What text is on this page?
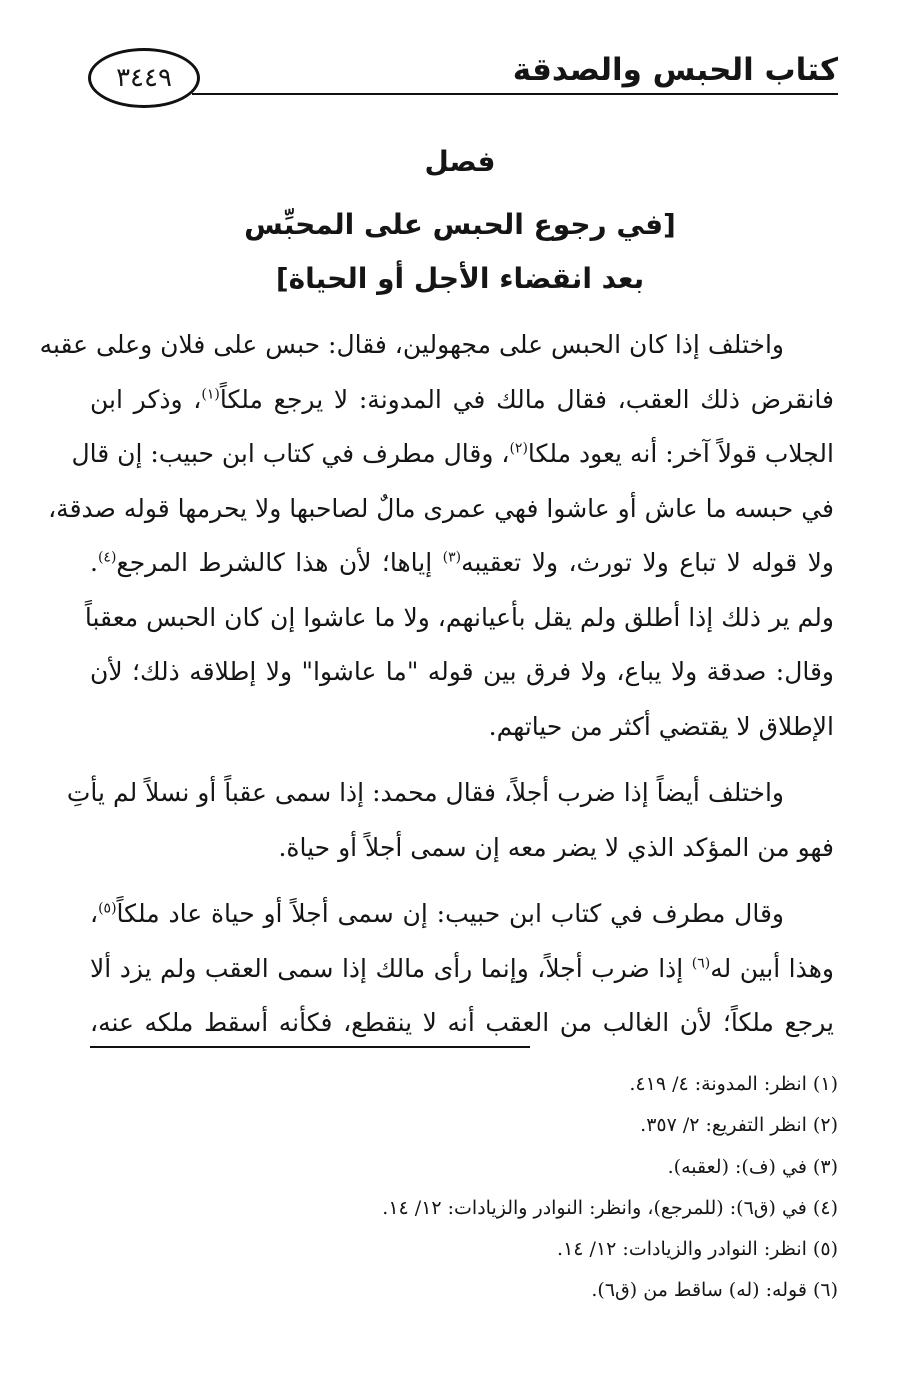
كتاب الحبس والصدقة
٣٤٤٩
فصل
[في رجوع الحبس على المحبِّس
بعد انقضاء الأجل أو الحياة]
واختلف إذا كان الحبس على مجهولين، فقال: حبس على فلان وعلى عقبه
فانقرض ذلك العقب، فقال مالك في المدونة: لا يرجع ملكاً$^{(١)}$، وذكر ابن
الجلاب قولاً آخر: أنه يعود ملكا$^{(٢)}$، وقال مطرف في كتاب ابن حبيب: إن قال
في حبسه ما عاش أو عاشوا فهي عمرى مالٌ لصاحبها ولا يحرمها قوله صدقة،
ولا قوله لا تباع ولا تورث، ولا تعقيبه$^{(٣)}$ إياها؛ لأن هذا كالشرط المرجع$^{(٤)}$.
ولم ير ذلك إذا أطلق ولم يقل بأعيانهم، ولا ما عاشوا إن كان الحبس معقباً
وقال: صدقة ولا يباع، ولا فرق بين قوله "ما عاشوا" ولا إطلاقه ذلك؛ لأن
الإطلاق لا يقتضي أكثر من حياتهم.
واختلف أيضاً إذا ضرب أجلاً، فقال محمد: إذا سمى عقباً أو نسلاً لم يأتِ
فهو من المؤكد الذي لا يضر معه إن سمى أجلاً أو حياة.
وقال مطرف في كتاب ابن حبيب: إن سمى أجلاً أو حياة عاد ملكاً$^{(٥)}$،
وهذا أبين له$^{(٦)}$ إذا ضرب أجلاً، وإنما رأى مالك إذا سمى العقب ولم يزد ألا
يرجع ملكاً؛ لأن الغالب من العقب أنه لا ينقطع، فكأنه أسقط ملكه عنه،
(١) انظر: المدونة: ٤/ ٤١٩.
(٢) انظر التفريع: ٢/ ٣٥٧.
(٣) في (ف): (لعقبه).
(٤) في (ق٦): (للمرجع)، وانظر: النوادر والزيادات: ١٢/ ١٤.
(٥) انظر: النوادر والزيادات: ١٢/ ١٤.
(٦) قوله: (له) ساقط من (ق٦).
